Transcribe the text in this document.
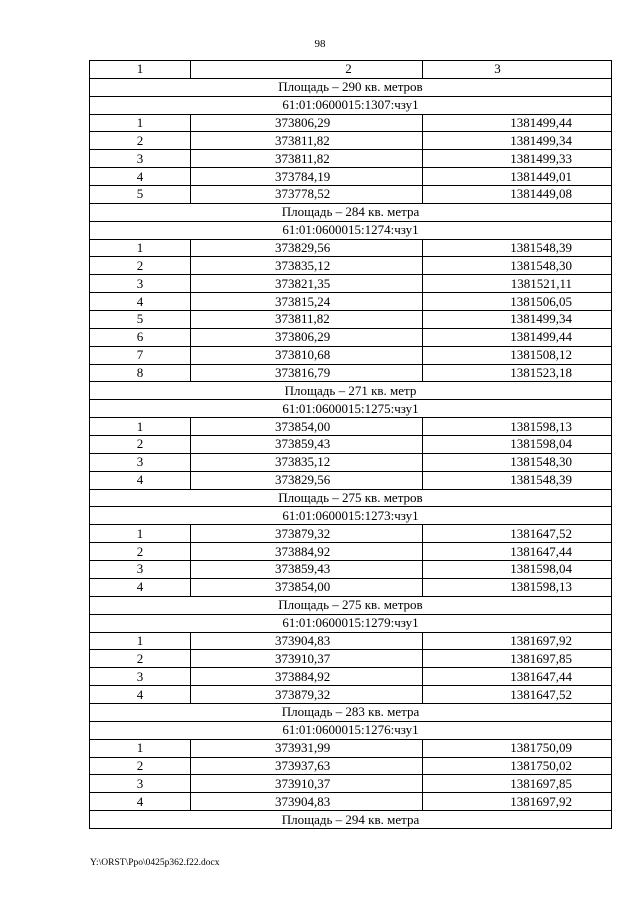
98
1	2	3
Площадь – 290 кв. метров		
61:01:0600015:1307:чзу1		
1	373806,29	1381499,44
2	373811,82	1381499,34
3	373811,82	1381499,33
4	373784,19	1381449,01
5	373778,52	1381449,08
Площадь – 284 кв. метра		
61:01:0600015:1274:чзу1		
1	373829,56	1381548,39
2	373835,12	1381548,30
3	373821,35	1381521,11
4	373815,24	1381506,05
5	373811,82	1381499,34
6	373806,29	1381499,44
7	373810,68	1381508,12
8	373816,79	1381523,18
Площадь – 271 кв. метр		
61:01:0600015:1275:чзу1		
1	373854,00	1381598,13
2	373859,43	1381598,04
3	373835,12	1381548,30
4	373829,56	1381548,39
Площадь – 275 кв. метров		
61:01:0600015:1273:чзу1		
1	373879,32	1381647,52
2	373884,92	1381647,44
3	373859,43	1381598,04
4	373854,00	1381598,13
Площадь – 275 кв. метров		
61:01:0600015:1279:чзу1		
1	373904,83	1381697,92
2	373910,37	1381697,85
3	373884,92	1381647,44
4	373879,32	1381647,52
Площадь – 283 кв. метра		
61:01:0600015:1276:чзу1		
1	373931,99	1381750,09
2	373937,63	1381750,02
3	373910,37	1381697,85
4	373904,83	1381697,92
Площадь – 294 кв. метра		
Y:\ORST\Ppo\0425p362.f22.docx
